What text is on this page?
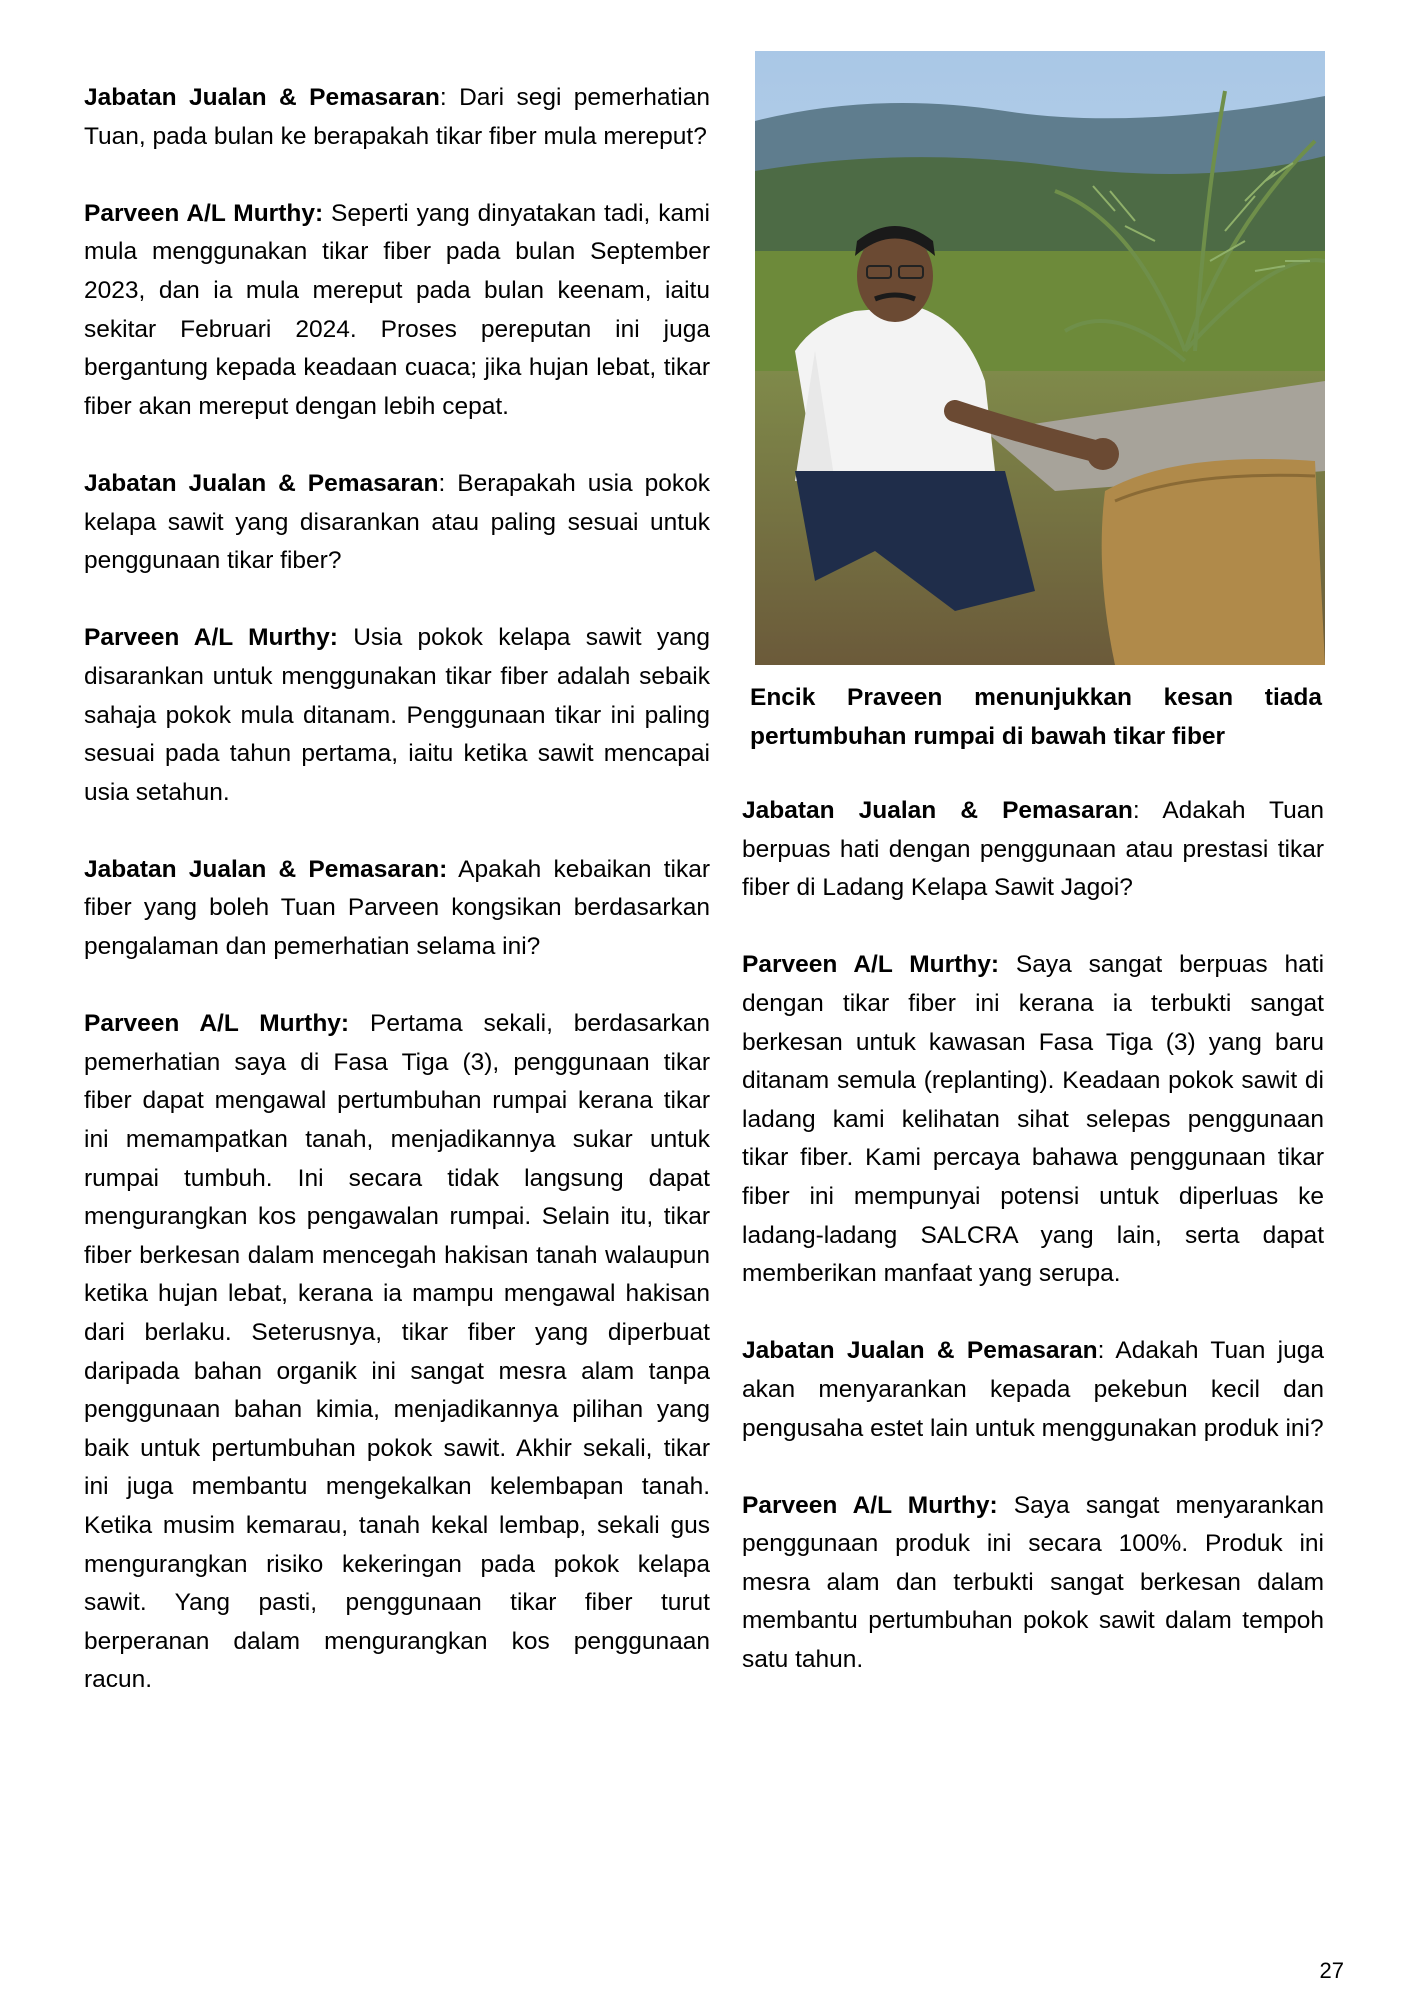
Jabatan Jualan & Pemasaran: Dari segi pemerhatian Tuan, pada bulan ke berapakah tikar fiber mula mereput?

Parveen A/L Murthy: Seperti yang dinyatakan tadi, kami mula menggunakan tikar fiber pada bulan September 2023, dan ia mula mereput pada bulan keenam, iaitu sekitar Februari 2024. Proses pereputan ini juga bergantung kepada keadaan cuaca; jika hujan lebat, tikar fiber akan mereput dengan lebih cepat.

Jabatan Jualan & Pemasaran: Berapakah usia pokok kelapa sawit yang disarankan atau paling sesuai untuk penggunaan tikar fiber?

Parveen A/L Murthy: Usia pokok kelapa sawit yang disarankan untuk menggunakan tikar fiber adalah sebaik sahaja pokok mula ditanam. Penggunaan tikar ini paling sesuai pada tahun pertama, iaitu ketika sawit mencapai usia setahun.

Jabatan Jualan & Pemasaran: Apakah kebaikan tikar fiber yang boleh Tuan Parveen kongsikan berdasarkan pengalaman dan pemerhatian selama ini?

Parveen A/L Murthy: Pertama sekali, berdasarkan pemerhatian saya di Fasa Tiga (3), penggunaan tikar fiber dapat mengawal pertumbuhan rumpai kerana tikar ini memampatkan tanah, menjadikannya sukar untuk rumpai tumbuh. Ini secara tidak langsung dapat mengurangkan kos pengawalan rumpai. Selain itu, tikar fiber berkesan dalam mencegah hakisan tanah walaupun ketika hujan lebat, kerana ia mampu mengawal hakisan dari berlaku. Seterusnya, tikar fiber yang diperbuat daripada bahan organik ini sangat mesra alam tanpa penggunaan bahan kimia, menjadikannya pilihan yang baik untuk pertumbuhan pokok sawit. Akhir sekali, tikar ini juga membantu mengekalkan kelembapan tanah. Ketika musim kemarau, tanah kekal lembap, sekali gus mengurangkan risiko kekeringan pada pokok kelapa sawit. Yang pasti, penggunaan tikar fiber turut berperanan dalam mengurangkan kos penggunaan racun.

Encik Praveen menunjukkan kesan tiada pertumbuhan rumpai di bawah tikar fiber

Jabatan Jualan & Pemasaran: Adakah Tuan berpuas hati dengan penggunaan atau prestasi tikar fiber di Ladang Kelapa Sawit Jagoi?

Parveen A/L Murthy: Saya sangat berpuas hati dengan tikar fiber ini kerana ia terbukti sangat berkesan untuk kawasan Fasa Tiga (3) yang baru ditanam semula (replanting). Keadaan pokok sawit di ladang kami kelihatan sihat selepas penggunaan tikar fiber. Kami percaya bahawa penggunaan tikar fiber ini mempunyai potensi untuk diperluas ke ladang-ladang SALCRA yang lain, serta dapat memberikan manfaat yang serupa.

Jabatan Jualan & Pemasaran: Adakah Tuan juga akan menyarankan kepada pekebun kecil dan pengusaha estet lain untuk menggunakan produk ini?

Parveen A/L Murthy: Saya sangat menyarankan penggunaan produk ini secara 100%. Produk ini mesra alam dan terbukti sangat berkesan dalam membantu pertumbuhan pokok sawit dalam tempoh satu tahun.

27
